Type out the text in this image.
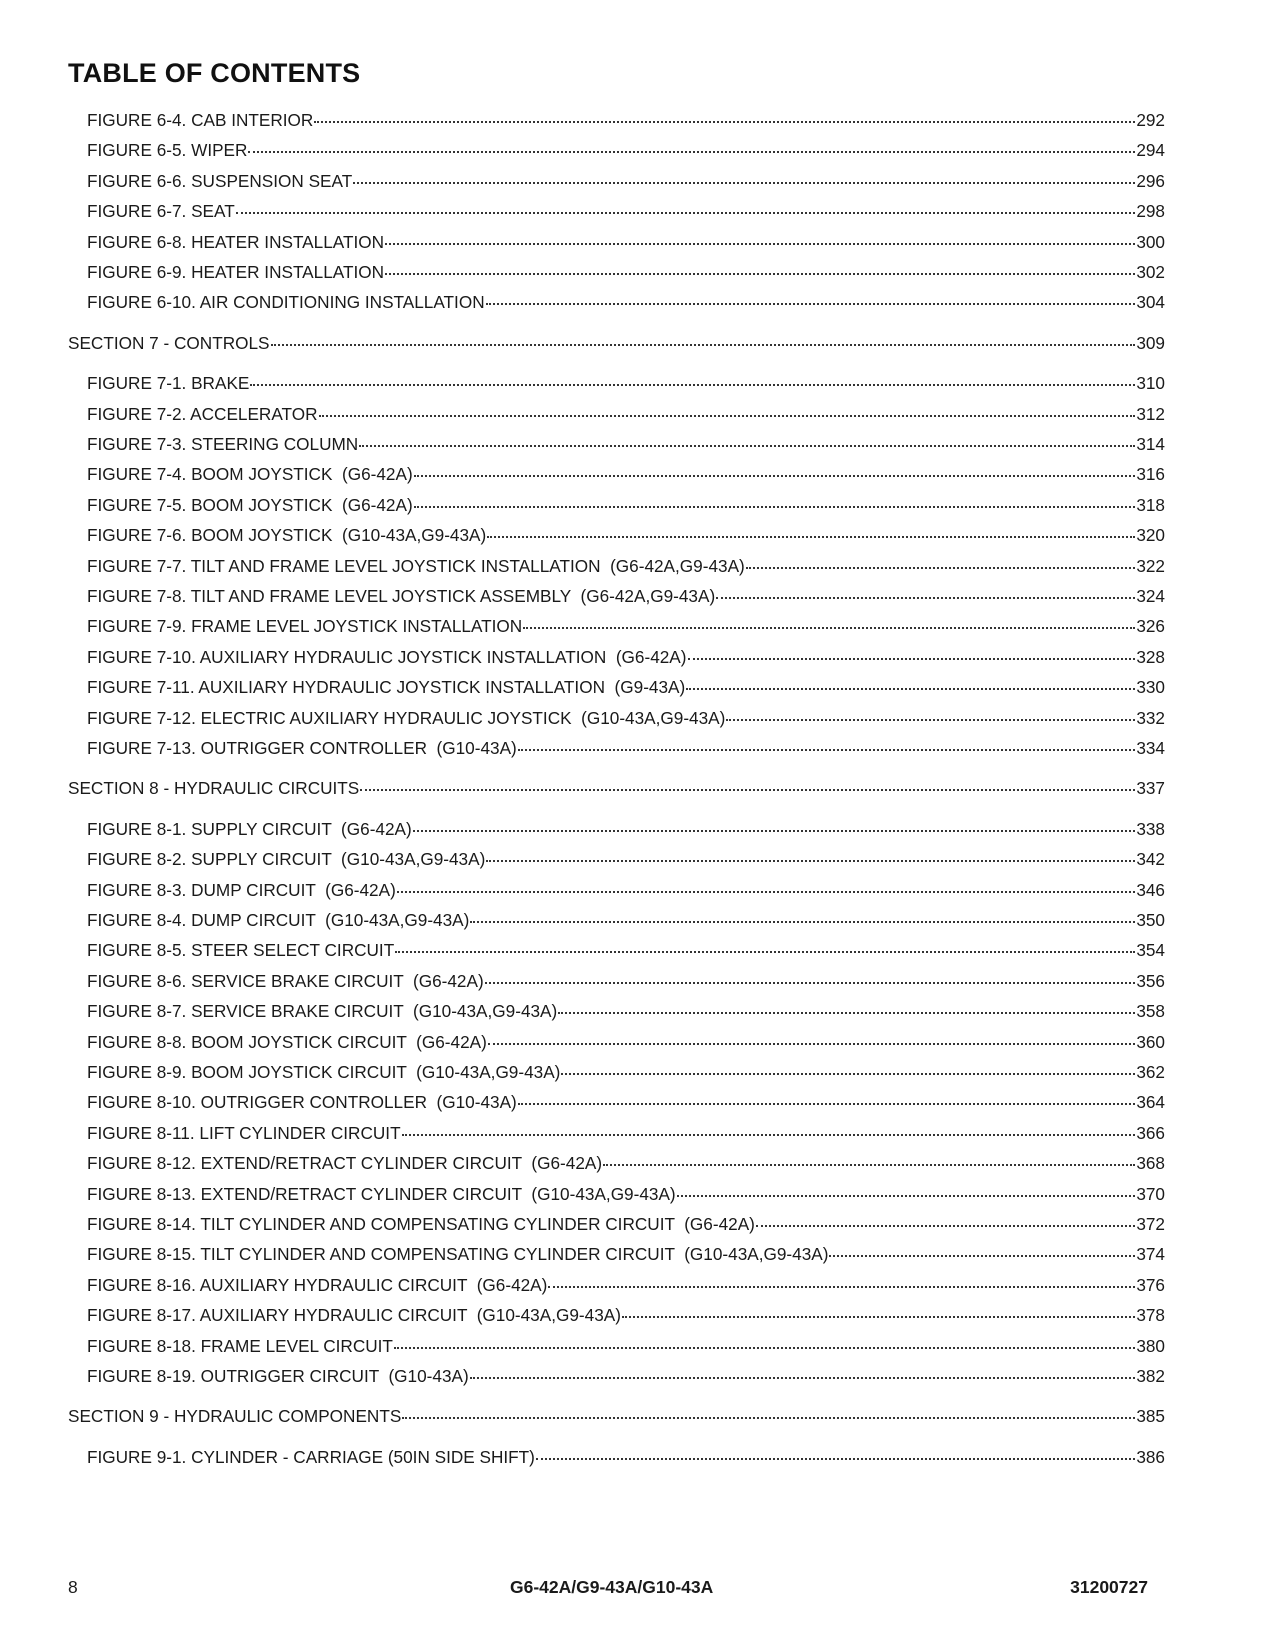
TABLE OF CONTENTS
FIGURE 6-4. CAB INTERIOR	292
FIGURE 6-5. WIPER	294
FIGURE 6-6. SUSPENSION SEAT	296
FIGURE 6-7. SEAT	298
FIGURE 6-8. HEATER INSTALLATION	300
FIGURE 6-9. HEATER INSTALLATION	302
FIGURE 6-10. AIR CONDITIONING INSTALLATION	304
SECTION 7 - CONTROLS	309
FIGURE 7-1. BRAKE	310
FIGURE 7-2. ACCELERATOR	312
FIGURE 7-3. STEERING COLUMN	314
FIGURE 7-4. BOOM JOYSTICK  (G6-42A)	316
FIGURE 7-5. BOOM JOYSTICK  (G6-42A)	318
FIGURE 7-6. BOOM JOYSTICK  (G10-43A,G9-43A)	320
FIGURE 7-7. TILT AND FRAME LEVEL JOYSTICK INSTALLATION  (G6-42A,G9-43A)	322
FIGURE 7-8. TILT AND FRAME LEVEL JOYSTICK ASSEMBLY  (G6-42A,G9-43A)	324
FIGURE 7-9. FRAME LEVEL JOYSTICK INSTALLATION	326
FIGURE 7-10. AUXILIARY HYDRAULIC JOYSTICK INSTALLATION  (G6-42A)	328
FIGURE 7-11. AUXILIARY HYDRAULIC JOYSTICK INSTALLATION  (G9-43A)	330
FIGURE 7-12. ELECTRIC AUXILIARY HYDRAULIC JOYSTICK  (G10-43A,G9-43A)	332
FIGURE 7-13. OUTRIGGER CONTROLLER  (G10-43A)	334
SECTION 8 - HYDRAULIC CIRCUITS	337
FIGURE 8-1. SUPPLY CIRCUIT  (G6-42A)	338
FIGURE 8-2. SUPPLY CIRCUIT  (G10-43A,G9-43A)	342
FIGURE 8-3. DUMP CIRCUIT  (G6-42A)	346
FIGURE 8-4. DUMP CIRCUIT  (G10-43A,G9-43A)	350
FIGURE 8-5. STEER SELECT CIRCUIT	354
FIGURE 8-6. SERVICE BRAKE CIRCUIT  (G6-42A)	356
FIGURE 8-7. SERVICE BRAKE CIRCUIT  (G10-43A,G9-43A)	358
FIGURE 8-8. BOOM JOYSTICK CIRCUIT  (G6-42A)	360
FIGURE 8-9. BOOM JOYSTICK CIRCUIT  (G10-43A,G9-43A)	362
FIGURE 8-10. OUTRIGGER CONTROLLER  (G10-43A)	364
FIGURE 8-11. LIFT CYLINDER CIRCUIT	366
FIGURE 8-12. EXTEND/RETRACT CYLINDER CIRCUIT  (G6-42A)	368
FIGURE 8-13. EXTEND/RETRACT CYLINDER CIRCUIT  (G10-43A,G9-43A)	370
FIGURE 8-14. TILT CYLINDER AND COMPENSATING CYLINDER CIRCUIT  (G6-42A)	372
FIGURE 8-15. TILT CYLINDER AND COMPENSATING CYLINDER CIRCUIT  (G10-43A,G9-43A)	374
FIGURE 8-16. AUXILIARY HYDRAULIC CIRCUIT  (G6-42A)	376
FIGURE 8-17. AUXILIARY HYDRAULIC CIRCUIT  (G10-43A,G9-43A)	378
FIGURE 8-18. FRAME LEVEL CIRCUIT	380
FIGURE 8-19. OUTRIGGER CIRCUIT  (G10-43A)	382
SECTION 9 - HYDRAULIC COMPONENTS	385
FIGURE 9-1. CYLINDER - CARRIAGE (50IN SIDE SHIFT)	386
8	G6-42A/G9-43A/G10-43A	31200727
